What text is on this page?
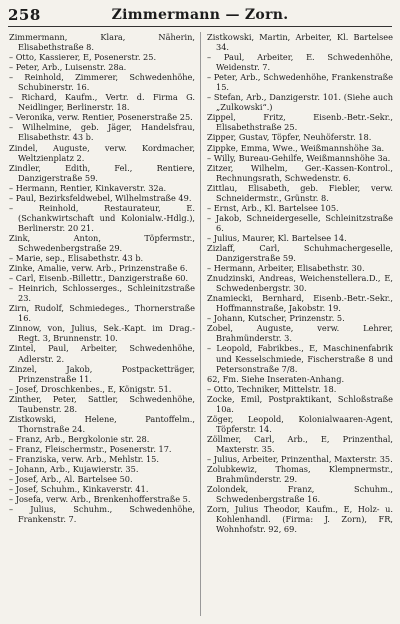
258	Zimmermann — Zorn.

Zimmermann, Klara, Näherin, Elisabethstraße 8.

– Otto, Kassierer, E, Posenerstr. 25.

– Peter, Arb., Luisenstr. 28a.

– Reinhold, Zimmerer, Schwedenhöhe, Schubinerstr. 16.

– Richard, Kaufm., Vertr. d. Firma G. Neidlinger, Berlinerstr. 18.

– Veronika, verw. Rentier, Posenerstraße 25.

– Wilhelmine, geb. Jäger, Handelsfrau, Elisabethstr. 43 b.

Zindel, Auguste, verw. Kordmacher, Weltzienplatz 2.

Zindler, Edith, Fel., Rentiere, Danzigerstraße 59.

– Hermann, Rentier, Kinkaverstr. 32a.

– Paul, Bezirksfeldwebel, Wilhelmstraße 49.

– Reinhold, Restaurateur, E. (Schankwirtschaft und Kolonialw.-Hdlg.), Berlinerstr. 20 21.

Zink, Anton, Töpfermstr., Schwedenbergstraße 29.

– Marie, sep., Elisabethstr. 43 b.

Zinke, Amalie, verw. Arb., Prinzenstraße 6.

– Carl, Eisenb.-Billettr., Danzigerstraße 60.

– Heinrich, Schlosserges., Schleinitzstraße 23.

Zirn, Rudolf, Schmiedeges., Thornerstraße 16.

Zinnow, von, Julius, Sek.-Kapt. im Drag.-Regt. 3, Brunnenstr. 10.

Zintel, Paul, Arbeiter, Schwedenhöhe, Adlerstr. 2.

Zinzel, Jakob, Postpacketträger, Prinzenstraße 11.

– Josef, Droschkenbes., E, Königstr. 51.

Zinther, Peter, Sattler, Schwedenhöhe, Taubenstr. 28.

Zistkowski, Helene, Pantoffelm., Thornstraße 24.

– Franz, Arb., Bergkolonie str. 28.

– Franz, Fleischermstr., Posenerstr. 17.

– Franziska, verw. Arb., Mehlstr. 15.

– Johann, Arb., Kujawierstr. 35.

– Josef, Arb., Al. Bartelsee 50.

– Josef, Schuhm., Kinkaverstr. 41.

– Josefa, verw. Arb., Brenkenhofferstraße 5.

– Julius, Schuhm., Schwedenhöhe, Frankenstr. 7.

Zistkowski, Martin, Arbeiter, Kl. Bartelsee 34.

– Paul, Arbeiter, E. Schwedenhöhe, Weidenstr. 7.

– Peter, Arb., Schwedenhöhe, Frankenstraße 15.

– Stefan, Arb., Danzigerstr. 101. (Siehe auch „Zulkowski“.)

Zippel, Fritz, Eisenb.-Betr.-Sekr., Elisabethstraße 25.

Zipper, Gustav, Töpfer, Neuhöferstr. 18.

Zippke, Emma, Wwe., Weißmannshöhe 3a.

– Willy, Bureau-Gehilfe, Weißmannshöhe 3a.

Zitzer, Wilhelm, Ger.-Kassen-Kontrol., Rechnungsrath, Schwedenstr. 6.

Zittlau, Elisabeth, geb. Fiebler, verw. Schneidermstr., Grünstr. 8.

– Ernst, Arb., Kl. Bartelsee 105.

– Jakob, Schneidergeselle, Schleinitzstraße 6.

– Julius, Maurer, Kl. Bartelsee 14.

Zizlaff, Carl, Schuhmachergeselle, Danzigerstraße 59.

– Hermann, Arbeiter, Elisabethstr. 30.

Znudzinski, Andreas, Weichenstellera.D., E, Schwedenbergstr. 30.

Znamiecki, Bernhard, Eisenb.-Betr.-Sekr., Hoffmannstraße, Jakobstr. 19.

– Johann, Kutscher, Prinzenstr. 5.

Zobel, Auguste, verw. Lehrer, Brahmünderstr. 3.

– Leopold, Fabrikbes., E, Maschinenfabrik und Kesselschmiede, Fischerstraße 8 und Petersonstraße 7/8.

62, Fm. Siehe Inseraten-Anhang.

– Otto, Techniker, Mittelstr. 18.

Zocke, Emil, Postpraktikant, Schloßstraße 10a.

Zöger, Leopold, Kolonialwaaren-Agent, Töpferstr. 14.

Zöllmer, Carl, Arb., E, Prinzenthal, Maxterstr. 35.

– Julius, Arbeiter, Prinzenthal, Maxterstr. 35.

Zolubkewiz, Thomas, Klempnermstr., Brahmünderstr. 29.

Zolondek, Franz, Schuhm., Schwedenbergstraße 16.

Zorn, Julius Theodor, Kaufm., E, Holz- u. Kohlenhandl. (Firma: J. Zorn), FR, Wohnhofstr. 92, 69.
